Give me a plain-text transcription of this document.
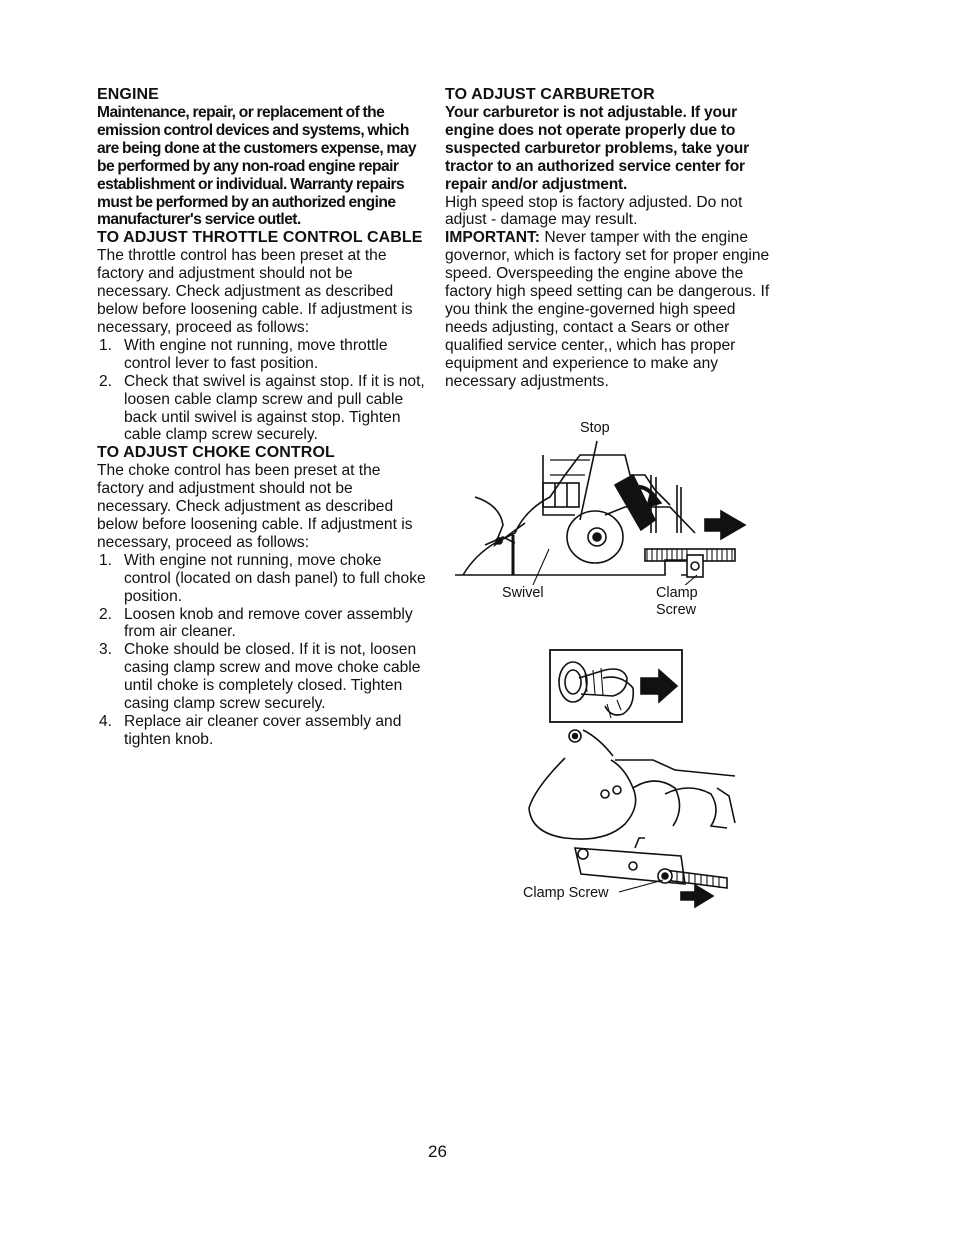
ENGINE

Maintenance, repair, or replacement of the emission control devices and systems, which are being done at the customers expense, may be performed by any non-road engine repair establishment or individual. Warranty repairs must be performed by an authorized engine manufacturer's service outlet.

TO ADJUST THROTTLE CONTROL CABLE

The throttle control has been preset at the factory and adjustment should not be necessary. Check adjustment as described below before loosening cable. If adjustment is necessary, proceed as follows:

1. With engine not running, move throttle control lever to fast position.
2. Check that swivel is against stop. If it is not, loosen cable clamp screw and pull cable back until swivel is against stop. Tighten cable clamp screw securely.
TO ADJUST CHOKE CONTROL

The choke control has been preset at the factory and adjustment should not be necessary. Check adjustment as described below before loosening cable. If adjustment is necessary, proceed as follows:

1. With engine not running, move choke control (located on dash panel) to full choke position.
2. Loosen knob and remove cover assembly from air cleaner.
3. Choke should be closed. If it is not, loosen casing clamp screw and move choke cable until choke is completely closed. Tighten casing clamp screw securely.
4. Replace air cleaner cover assembly and tighten knob.
TO ADJUST CARBURETOR

Your carburetor is not adjustable. If your engine does not operate properly due to suspected carburetor problems, take your tractor to an authorized service center for repair and/or adjustment.

High speed stop is factory adjusted. Do not adjust - damage may result.

IMPORTANT: Never tamper with the engine governor, which is factory set for proper engine speed. Overspeeding the engine above the factory high speed setting can be dangerous. If you think the engine-governed high speed needs adjusting, contact a Sears or other qualified service center,, which has proper equipment and experience to make any necessary adjustments.

Stop
Swivel	Clamp
Screw
Clamp Screw
26
